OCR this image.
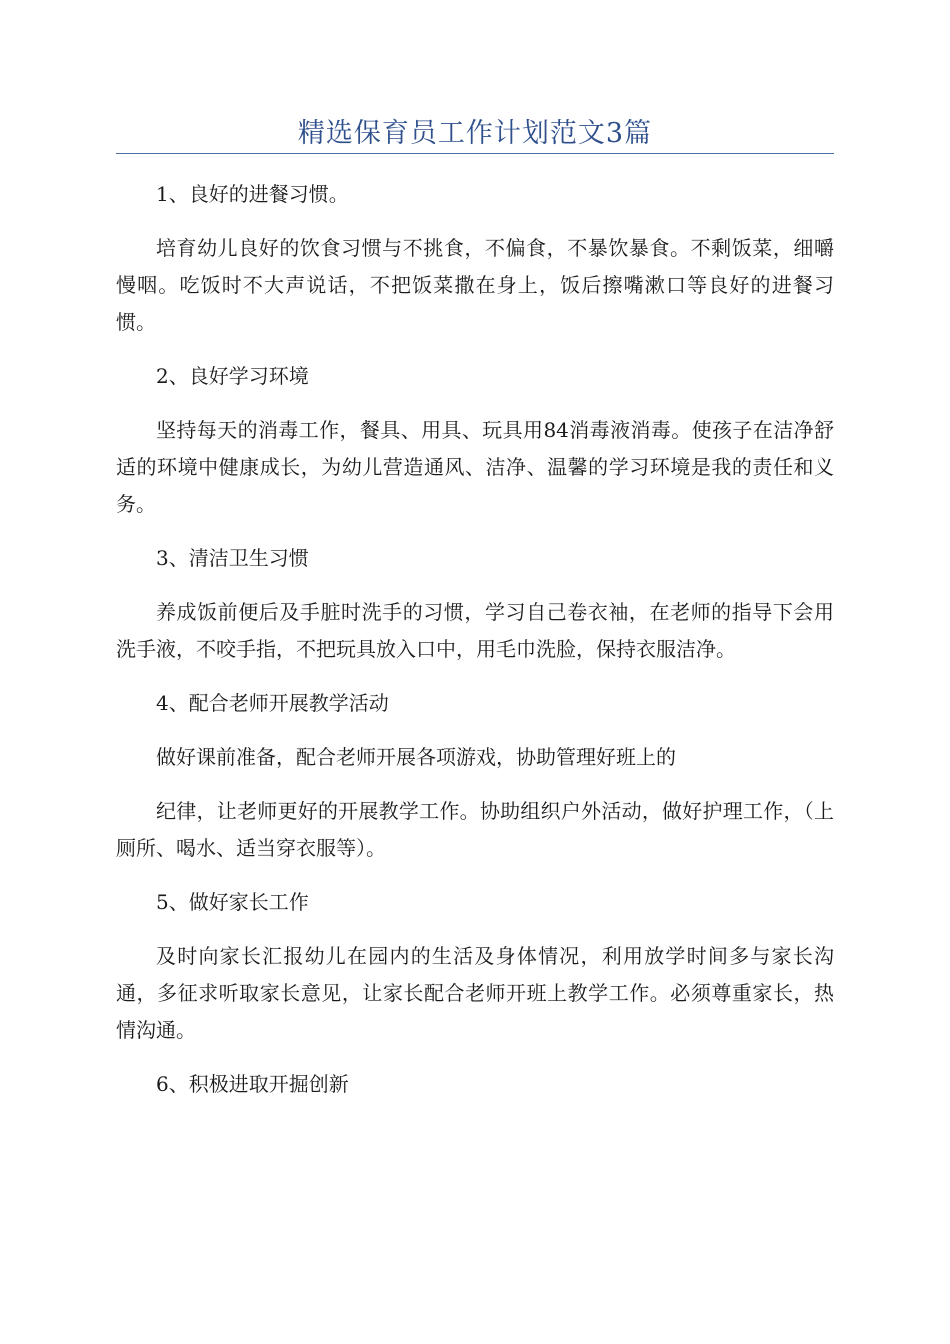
精选保育员工作计划范文3篇

1、良好的进餐习惯。

培育幼儿良好的饮食习惯与不挑食，不偏食，不暴饮暴食。不剩饭菜，细嚼慢咽。吃饭时不大声说话，不把饭菜撒在身上，饭后擦嘴漱口等良好的进餐习惯。

2、良好学习环境

坚持每天的消毒工作，餐具、用具、玩具用84消毒液消毒。使孩子在洁净舒适的环境中健康成长，为幼儿营造通风、洁净、温馨的学习环境是我的责任和义务。

3、清洁卫生习惯

养成饭前便后及手脏时洗手的习惯，学习自己卷衣袖，在老师的指导下会用洗手液，不咬手指，不把玩具放入口中，用毛巾洗脸，保持衣服洁净。

4、配合老师开展教学活动

做好课前准备，配合老师开展各项游戏，协助管理好班上的

纪律，让老师更好的开展教学工作。协助组织户外活动，做好护理工作，（上厕所、喝水、适当穿衣服等）。

5、做好家长工作

及时向家长汇报幼儿在园内的生活及身体情况，利用放学时间多与家长沟通，多征求听取家长意见，让家长配合老师开班上教学工作。必须尊重家长，热情沟通。

6、积极进取开掘创新
